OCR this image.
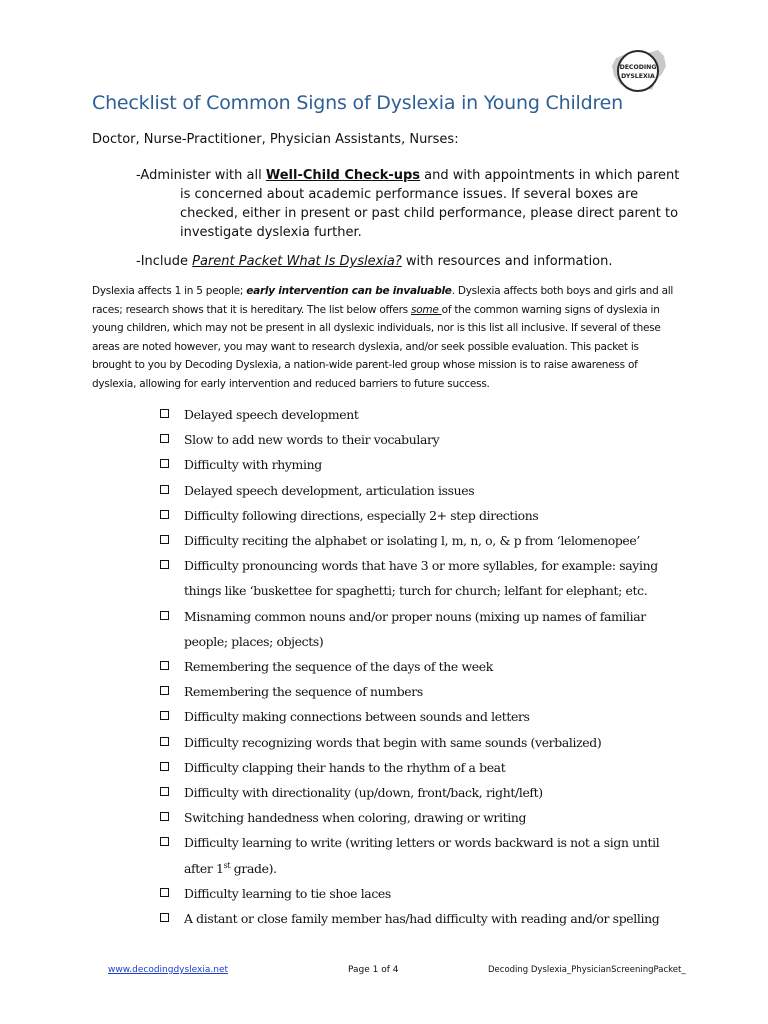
DECODING
DYSLEXIA
Checklist of Common Signs of Dyslexia in Young Children
Doctor, Nurse-Practitioner, Physician Assistants, Nurses:
-Administer with all Well-Child Check-ups and with appointments in which parent
is concerned about academic performance issues. If several boxes are
checked, either in present or past child performance, please direct parent to
investigate dyslexia further.
-Include Parent Packet What Is Dyslexia? with resources and information.
Dyslexia affects 1 in 5 people; early intervention can be invaluable. Dyslexia affects both boys and girls and all
races; research shows that it is hereditary. The list below offers some of the common warning signs of dyslexia in
young children, which may not be present in all dyslexic individuals, nor is this list all inclusive. If several of these
areas are noted however, you may want to research dyslexia, and/or seek possible evaluation. This packet is
brought to you by Decoding Dyslexia, a nation-wide parent-led group whose mission is to raise awareness of
dyslexia, allowing for early intervention and reduced barriers to future success.
Delayed speech development
Slow to add new words to their vocabulary
Difficulty with rhyming
Delayed speech development, articulation issues
Difficulty following directions, especially 2+ step directions
Difficulty reciting the alphabet or isolating l, m, n, o, & p from ‘lelomenopee’
Difficulty pronouncing words that have 3 or more syllables, for example: saying
things like ‘buskettee for spaghetti; turch for church; lelfant for elephant; etc.
Misnaming common nouns and/or proper nouns (mixing up names of familiar
people; places; objects)
Remembering the sequence of the days of the week
Remembering the sequence of numbers
Difficulty making connections between sounds and letters
Difficulty recognizing words that begin with same sounds (verbalized)
Difficulty clapping their hands to the rhythm of a beat
Difficulty with directionality (up/down, front/back, right/left)
Switching handedness when coloring, drawing or writing
Difficulty learning to write (writing letters or words backward is not a sign until
after 1st grade).
Difficulty learning to tie shoe laces
A distant or close family member has/had difficulty with reading and/or spelling
www.decodingdyslexia.net	Page 1 of 4	Decoding Dyslexia_PhysicianScreeningPacket_
